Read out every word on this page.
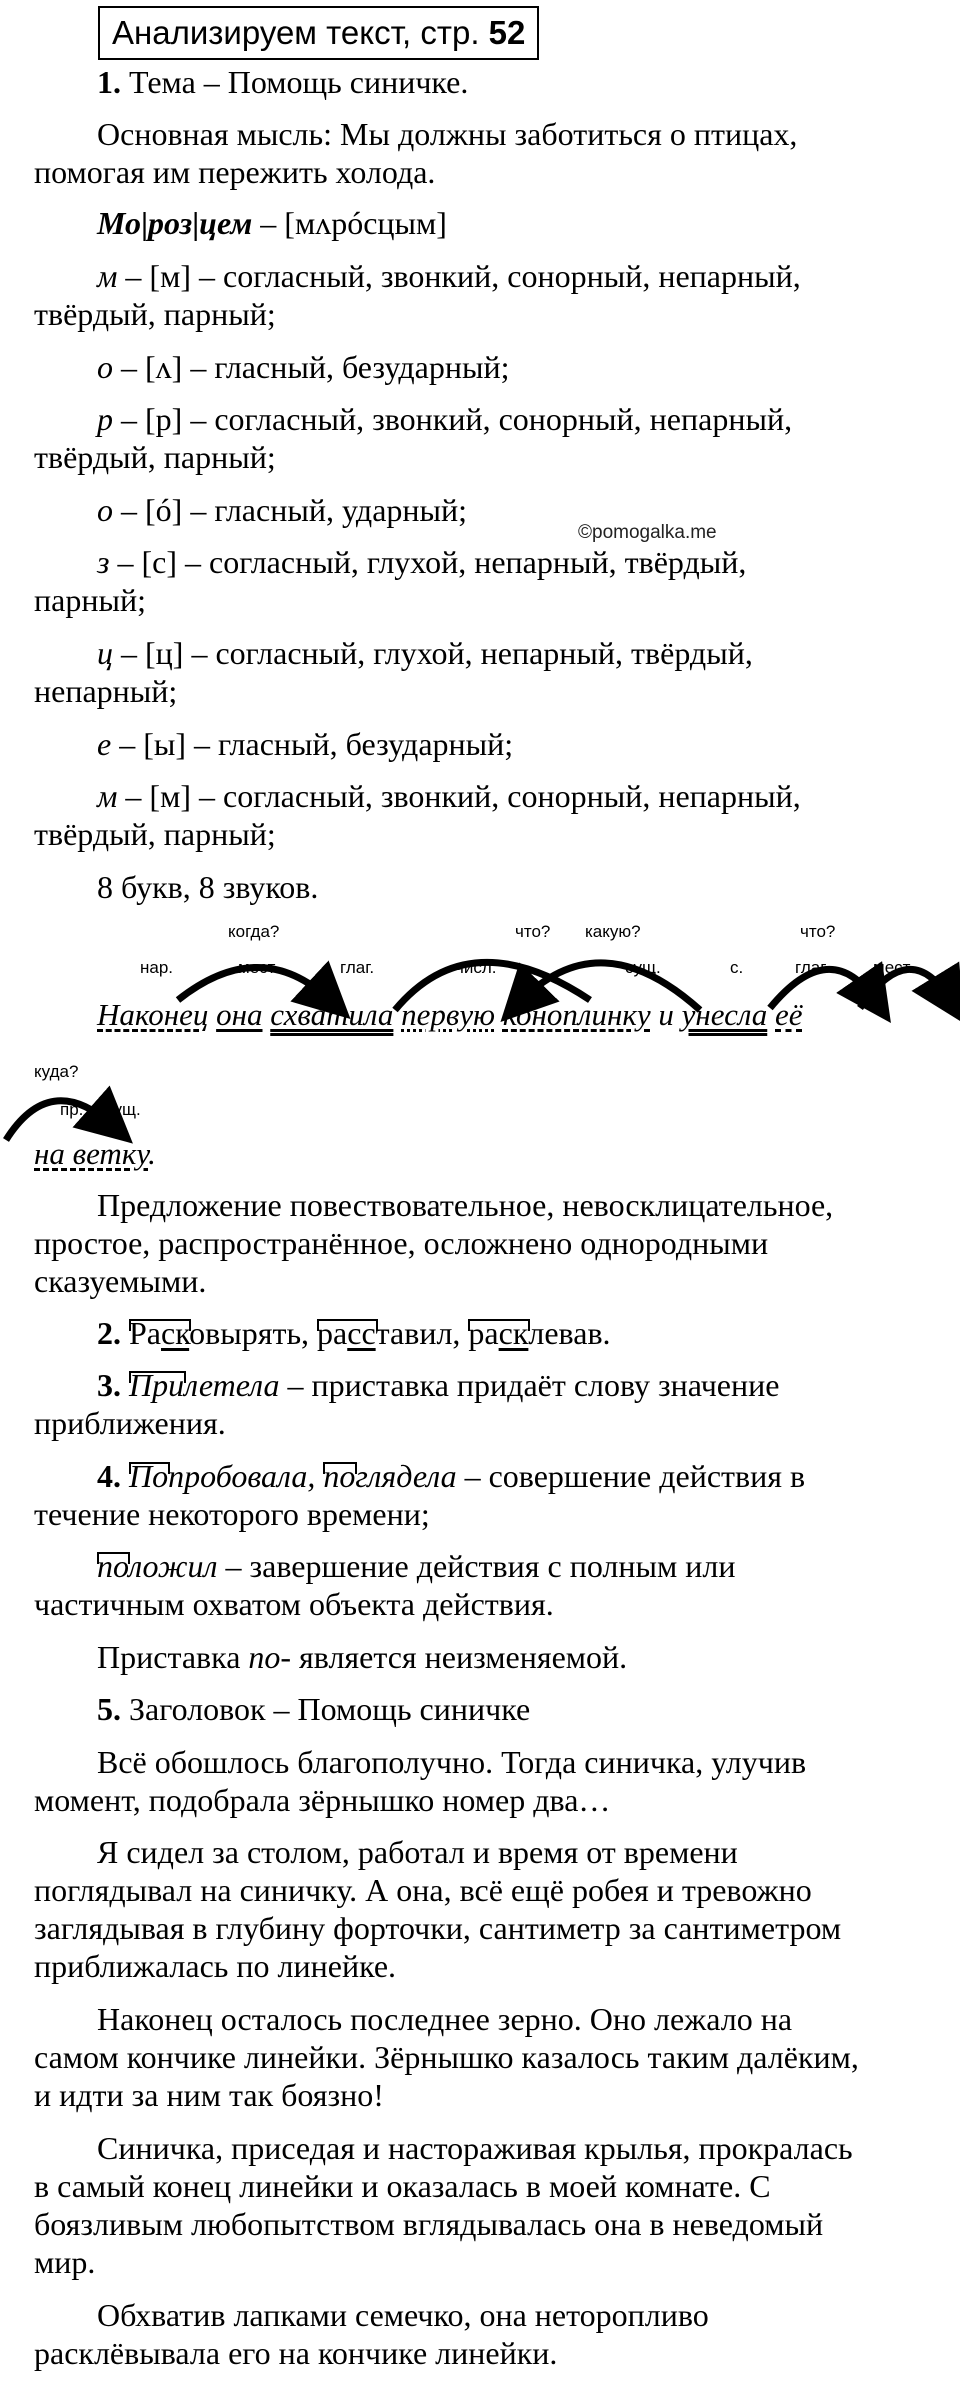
Анализируем текст, стр. 52
1. Тема – Помощь синичке.
Основная мысль: Мы должны заботиться о птицах,
помогая им пережить холода.
Мо|роз|цем – [мʌрóсцым]
м – [м] – согласный, звонкий, сонорный, непарный,
твёрдый, парный;
о – [ʌ] – гласный, безударный;
р – [р] – согласный, звонкий, сонорный, непарный,
твёрдый, парный;
о – [ó] – гласный, ударный;
©pomogalka.me
з – [с] – согласный, глухой, непарный, твёрдый,
парный;
ц – [ц] – согласный, глухой, непарный, твёрдый,
непарный;
е – [ы] – гласный, безударный;
м – [м] – согласный, звонкий, сонорный, непарный,
твёрдый, парный;
8 букв, 8 звуков.
когда?	что? какую?	что?
нар.	мест.	глаг.	числ.	сущ.	с.	глаг.	мест.
Наконец она схватила первую коноплинку и унесла её
куда?
пр. сущ.
на ветку.
Предложение повествовательное, невосклицательное,
простое, распространённое, осложнено однородными
сказуемыми.
2. Расковырять, расставил, расклевав.
3. Прилетела – приставка придаёт слову значение
приближения.
4. Попробовала, поглядела – совершение действия в
течение некоторого времени;
положил – завершение действия с полным или
частичным охватом объекта действия.
Приставка по- является неизменяемой.
5. Заголовок – Помощь синичке
Всё обошлось благополучно. Тогда синичка, улучив
момент, подобрала зёрнышко номер два…
Я сидел за столом, работал и время от времени
поглядывал на синичку. А она, всё ещё робея и тревожно
заглядывая в глубину форточки, сантиметр за сантиметром
приближалась по линейке.
Наконец осталось последнее зерно. Оно лежало на
самом кончике линейки. Зёрнышко казалось таким далёким,
и идти за ним так боязно!
Синичка, приседая и настораживая крылья, прокралась
в самый конец линейки и оказалась в моей комнате. С
боязливым любопытством вглядывалась она в неведомый
мир.
Обхватив лапками семечко, она неторопливо
расклёвывала его на кончике линейки.
